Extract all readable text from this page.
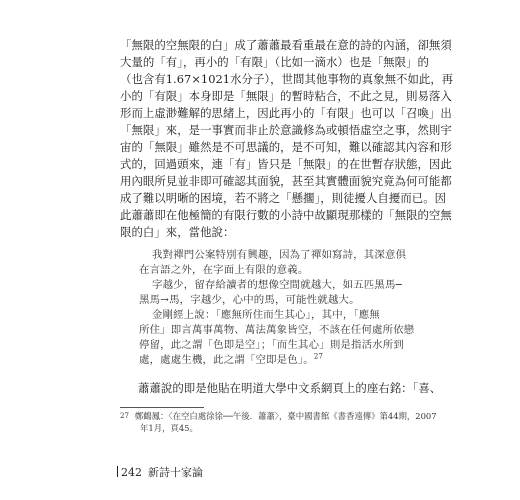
「無限的空無限的白」成了蕭蕭最看重最在意的詩的內涵，卻無須
大量的「有」，再小的「有限」（比如一滴水）也是「無限」的
（也含有1.67×1021水分子），世間其他事物的真象無不如此，再
小的「有限」本身即是「無限」的暫時粘合，不此之見，則易落入
形而上虛渺難解的思緒上，因此再小的「有限」也可以「召喚」出
「無限」來，是一事實而非止於意識修為或頓悟虛空之事，然則宇
宙的「無限」雖然是不可思議的，是不可知，難以確認其內容和形
式的，回過頭來，連「有」皆只是「無限」的在世暫存狀態，因此
用內眼所見並非即可確認其面貌，甚至其實體面貌究竟為何可能都
成了難以明晰的困境，若不將之「懸擱」，則徒擾人自擾而已。因
此蕭蕭即在他極簡的有限行數的小詩中故顯現那樣的「無限的空無
限的白」來，當他說：
我對禪門公案特別有興趣，因為了禪如寫詩，其深意俱
在言語之外，在字面上有限的意義。
字越少，留存給讀者的想像空間就越大，如五匹黑馬─
黑馬→馬，字越少，心中的馬，可能性就越大。
金剛經上說：「應無所住而生其心」，其中，「應無
所住」即言萬事萬物、萬法萬象皆空，不該在任何處所依戀
停留，此之謂「色即是空」；「而生其心」則是指活水所到
處，處處生機，此之謂「空即是色」。$^{27}$
蕭蕭說的即是他貼在明道大學中文系網頁上的座右銘：「喜、
$^{27}$ 鄭鶴鳳：〈在空白處徐徐──午後．蕭蕭〉，臺中國書館《書香遠傳》第44期，2007
年1月，頁45。
242 新詩十家論
